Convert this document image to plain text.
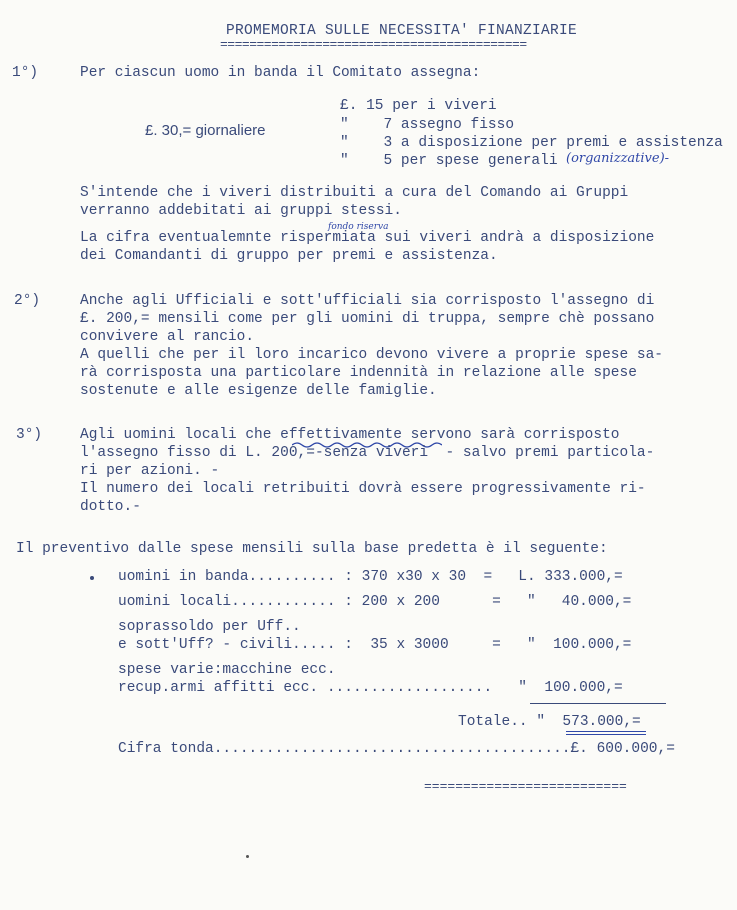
PROMEMORIA SULLE NECESSITA' FINANZIARIE
==========================================
1°)	Per ciascun uomo in banda il Comitato assegna:
£. 30,= giornaliere
£. 15 per i viveri
"    7 assegno fisso
"    3 a disposizione per premi e assistenza
"    5 per spese generali (organizzative)-
S'intende che i viveri distribuiti a cura del Comando ai Gruppi
verranno addebitati ai gruppi stessi.
fondo riserva
La cifra eventualemnte rispermiata sui viveri andrà a disposizione
dei Comandanti di gruppo per premi e assistenza.
2°)	Anche agli Ufficiali e sott'ufficiali sia corrisposto l'assegno di
£. 200,= mensili come per gli uomini di truppa, sempre chè possano
convivere al rancio.
A quelli che per il loro incarico devono vivere a proprie spese sa-
rà corrisposta una particolare indennità in relazione alle spese
sostenute e alle esigenze delle famiglie.
3°)	Agli uomini locali che effettivamente servono sarà corrisposto
l'assegno fisso di L. 200,=-senza viveri  - salvo premi particola-
ri per azioni. -
Il numero dei locali retribuiti dovrà essere progressivamente ri-
dotto.-
Il preventivo dalle spese mensili sulla base predetta è il seguente:
uomini in banda.......... : 370 x30 x 30  =   L. 333.000,=
uomini locali............ : 200 x 200      =   "   40.000,=
soprassoldo per Uff..
e sott'Uff? - civili..... :  35 x 3000     =   "  100.000,=
spese varie:macchine ecc.
recup.armi affitti ecc. ...................   "  100.000,=
Totale.. "  573.000,=
Cifra tonda.........................................£. 600.000,=
==========================
